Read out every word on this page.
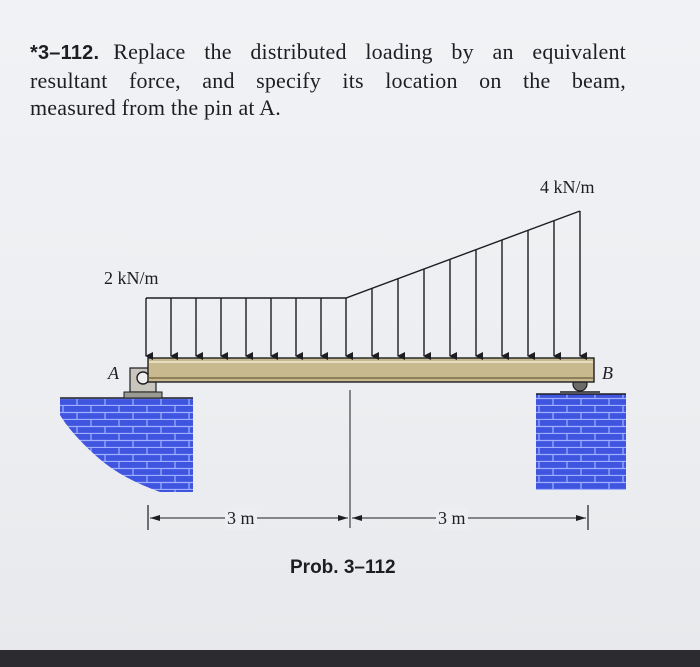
*3–112. Replace the distributed loading by an equivalent
resultant force, and specify its location on the beam,
measured from the pin at A.
2 kN/m
4 kN/m
A	B
3 m	3 m
Prob. 3–112
